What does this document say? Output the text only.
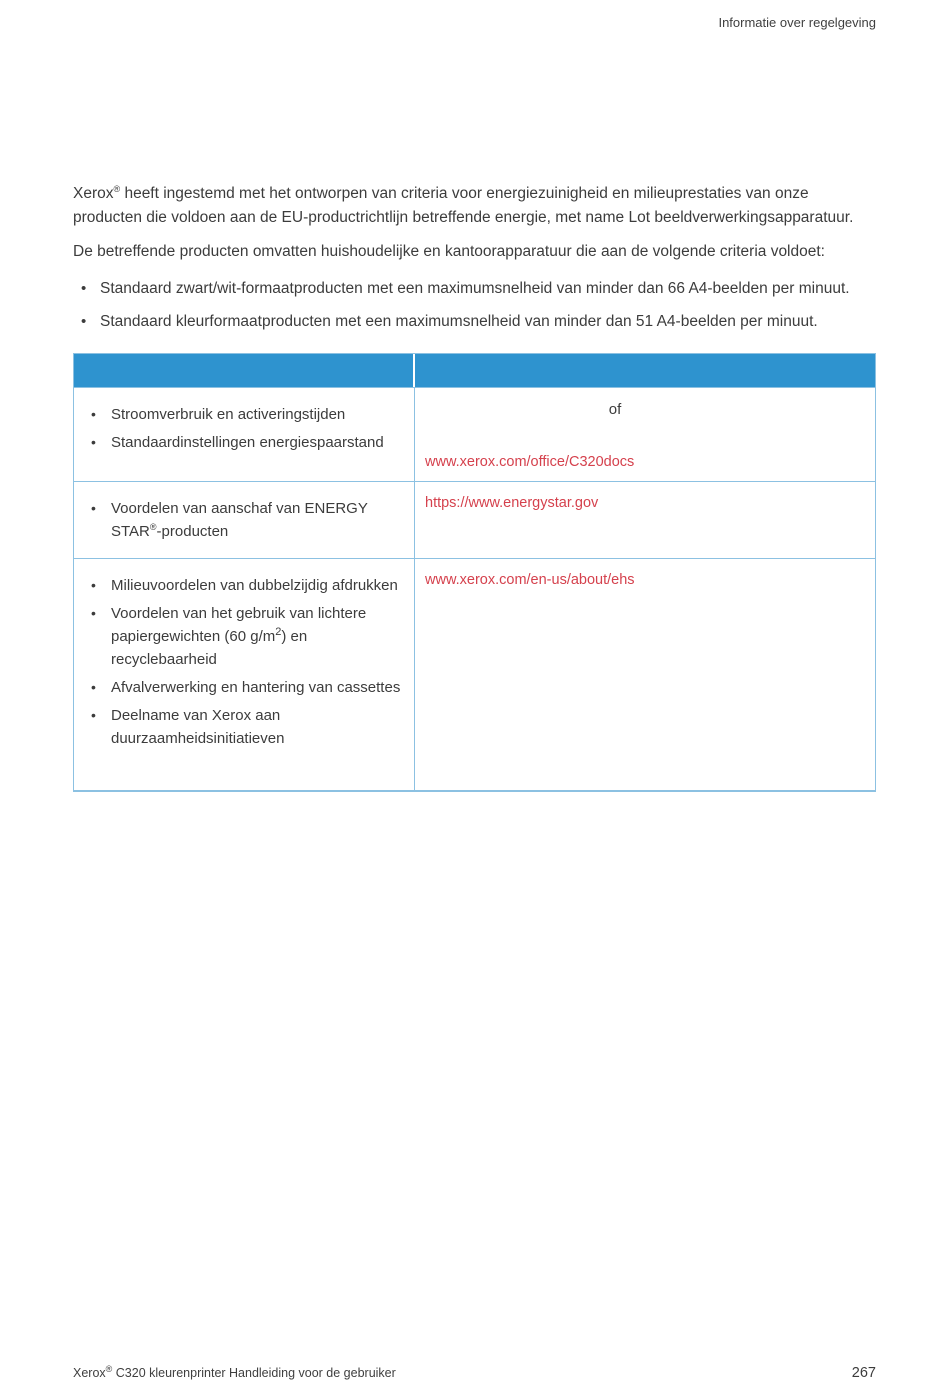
Informatie over regelgeving

Xerox® heeft ingestemd met het ontworpen van criteria voor energiezuinigheid en milieuprestaties van onze producten die voldoen aan de EU-productrichtlijn betreffende energie, met name Lot beeldverwerkingsapparatuur.

De betreffende producten omvatten huishoudelijke en kantoorapparatuur die aan de volgende criteria voldoet:

• Standaard zwart/wit-formaatproducten met een maximumsnelheid van minder dan 66 A4-beelden per minuut.
• Standaard kleurformaatproducten met een maximumsnelheid van minder dan 51 A4-beelden per minuut.
• Stroomverbruik en activeringstijden
• Standaardinstellingen energiespaarstand
of
www.xerox.com/office/C320docs
• Voordelen van aanschaf van ENERGY STAR®-producten
https://www.energystar.gov
• Milieuvoordelen van dubbelzijdig afdrukken
• Voordelen van het gebruik van lichtere papiergewichten (60 $g/m^2$) en recyclebaarheid
• Afvalverwerking en hantering van cassettes
• Deelname van Xerox aan duurzaamheidsinitiatieven
www.xerox.com/en-us/about/ehs
Xerox® C320 kleurenprinter Handleiding voor de gebruiker	267
